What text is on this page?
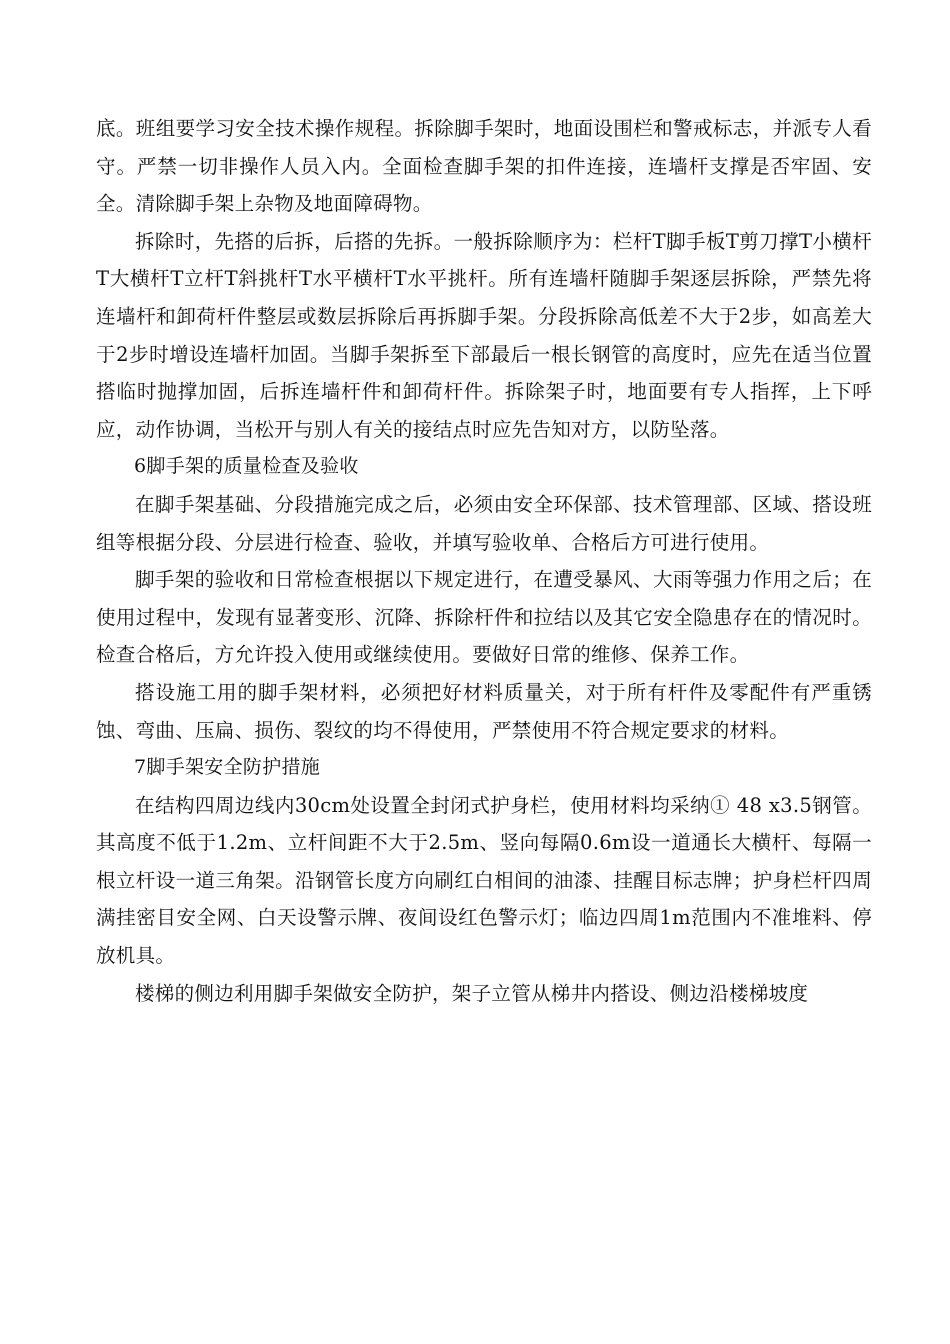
底。班组要学习安全技术操作规程。拆除脚手架时，地面设围栏和警戒标志，并派专人看守。严禁一切非操作人员入内。全面检查脚手架的扣件连接，连墙杆支撑是否牢固、安全。清除脚手架上杂物及地面障碍物。

拆除时，先搭的后拆，后搭的先拆。一般拆除顺序为：栏杆T脚手板T剪刀撑T小横杆T大横杆T立杆T斜挑杆T水平横杆T水平挑杆。所有连墙杆随脚手架逐层拆除，严禁先将连墙杆和卸荷杆件整层或数层拆除后再拆脚手架。分段拆除高低差不大于2步，如高差大于2步时增设连墙杆加固。当脚手架拆至下部最后一根长钢管的高度时，应先在适当位置搭临时抛撑加固，后拆连墙杆件和卸荷杆件。拆除架子时，地面要有专人指挥，上下呼应，动作协调，当松开与别人有关的接结点时应先告知对方，以防坠落。

6脚手架的质量检查及验收

在脚手架基础、分段措施完成之后，必须由安全环保部、技术管理部、区域、搭设班组等根据分段、分层进行检查、验收，并填写验收单、合格后方可进行使用。

脚手架的验收和日常检查根据以下规定进行，在遭受暴风、大雨等强力作用之后；在使用过程中，发现有显著变形、沉降、拆除杆件和拉结以及其它安全隐患存在的情况时。检查合格后，方允许投入使用或继续使用。要做好日常的维修、保养工作。

搭设施工用的脚手架材料，必须把好材料质量关，对于所有杆件及零配件有严重锈蚀、弯曲、压扁、损伤、裂纹的均不得使用，严禁使用不符合规定要求的材料。

7脚手架安全防护措施

在结构四周边线内30cm处设置全封闭式护身栏，使用材料均采纳① 48 x3.5钢管。其高度不低于1.2m、立杆间距不大于2.5m、竖向每隔0.6m设一道通长大横杆、每隔一根立杆设一道三角架。沿钢管长度方向刷红白相间的油漆、挂醒目标志牌；护身栏杆四周满挂密目安全网、白天设警示牌、夜间设红色警示灯；临边四周1m范围内不准堆料、停放机具。

楼梯的侧边利用脚手架做安全防护，架子立管从梯井内搭设、侧边沿楼梯坡度
